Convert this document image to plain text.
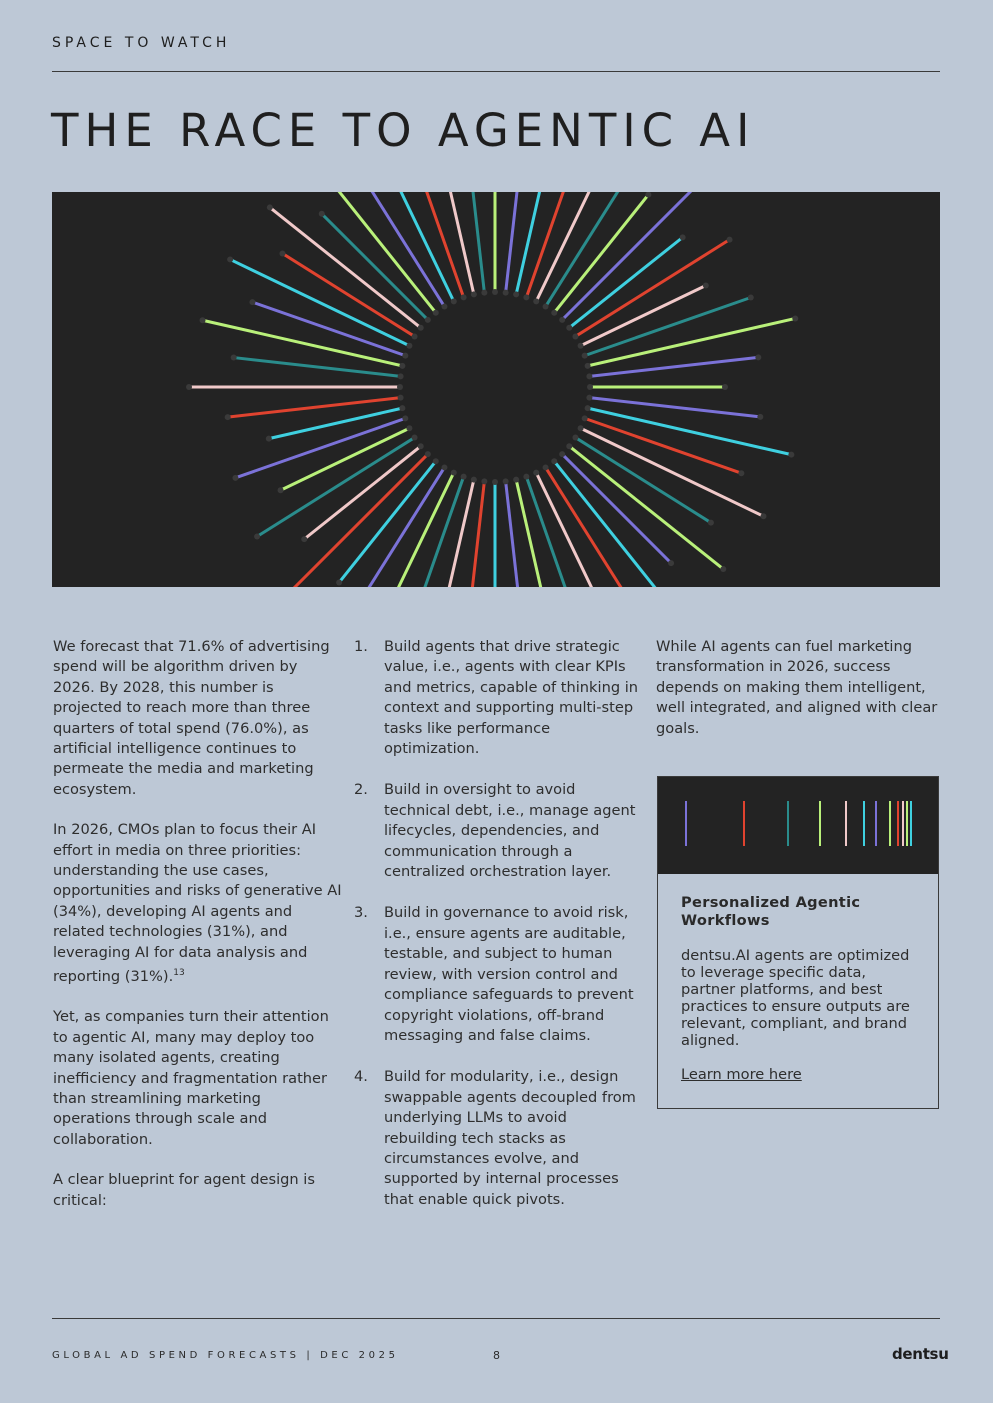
SPACE TO WATCH
THE RACE TO AGENTIC AI

We forecast that 71.6% of advertising spend will be algorithm driven by 2026. By 2028, this number is projected to reach more than three quarters of total spend (76.0%), as artificial intelligence continues to permeate the media and marketing ecosystem.

In 2026, CMOs plan to focus their AI effort in media on three priorities: understanding the use cases, opportunities and risks of generative AI (34%), developing AI agents and related technologies (31%), and leveraging AI for data analysis and reporting (31%).$^{13}$

Yet, as companies turn their attention to agentic AI, many may deploy too many isolated agents, creating inefficiency and fragmentation rather than streamlining marketing operations through scale and collaboration.

A clear blueprint for agent design is critical:

1.	Build agents that drive strategic value, i.e., agents with clear KPIs and metrics, capable of thinking in context and supporting multi-step tasks like performance optimization.
2.	Build in oversight to avoid technical debt, i.e., manage agent lifecycles, dependencies, and communication through a centralized orchestration layer.
3.	Build in governance to avoid risk, i.e., ensure agents are auditable, testable, and subject to human review, with version control and compliance safeguards to prevent copyright violations, off-brand messaging and false claims.
4.	Build for modularity, i.e., design swappable agents decoupled from underlying LLMs to avoid rebuilding tech stacks as circumstances evolve, and supported by internal processes that enable quick pivots.

While AI agents can fuel marketing transformation in 2026, success depends on making them intelligent, well integrated, and aligned with clear goals.

Personalized Agentic Workflows
dentsu.AI agents are optimized to leverage specific data, partner platforms, and best practices to ensure outputs are relevant, compliant, and brand aligned.
Learn more here
GLOBAL AD SPEND FORECASTS | DEC 2025	8	dentsu
